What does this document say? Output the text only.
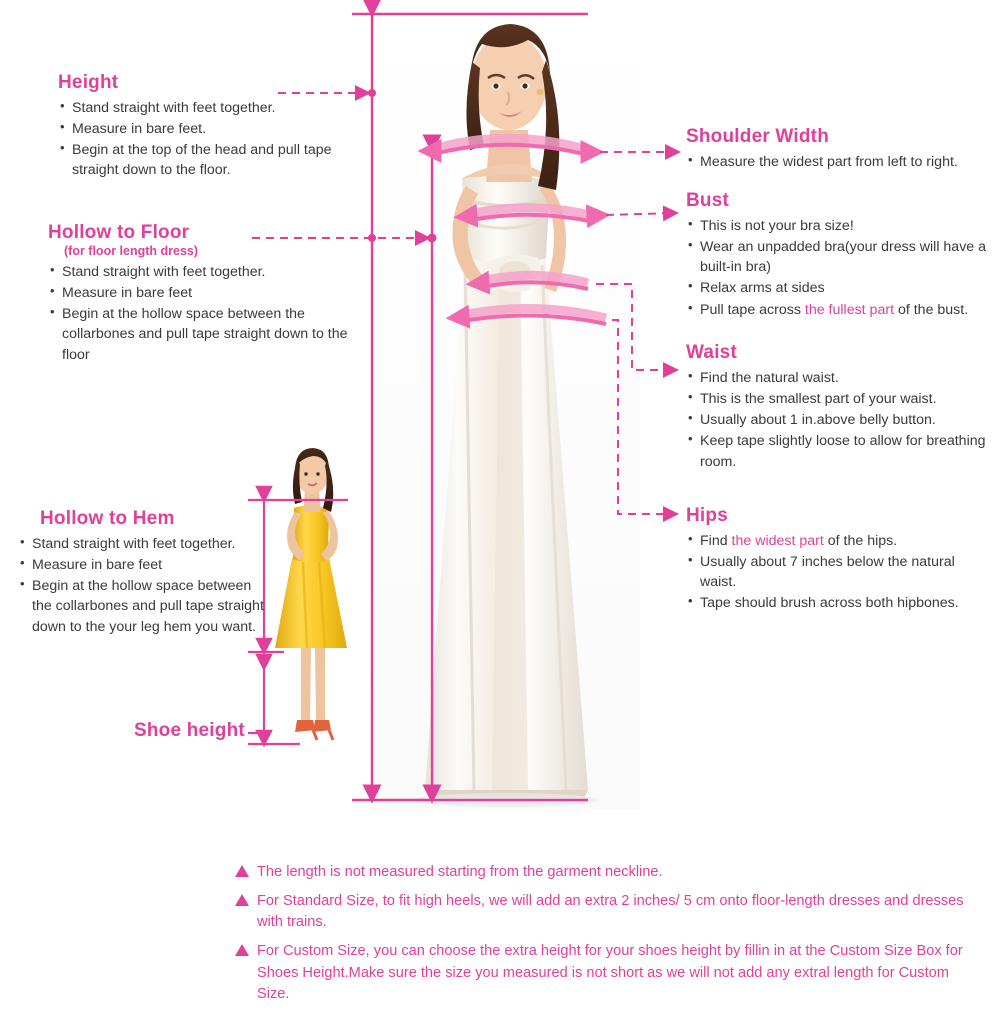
Height
• Stand straight with feet together.
• Measure in bare feet.
• Begin at the top of the head and pull tape straight down to the floor.
Hollow to Floor
(for floor length dress)
• Stand straight with feet together.
• Measure in bare feet
• Begin at the hollow space between the collarbones and pull tape straight down to the floor
Hollow to Hem
• Stand straight with feet together.
• Measure in bare feet
• Begin at the hollow space between the collarbones and pull tape straight down to the your leg hem you want.
Shoe height
Shoulder Width
• Measure the widest part from left to right.
Bust
• This is not your bra size!
• Wear an unpadded bra(your dress will have a built-in bra)
• Relax arms at sides
• Pull tape across the fullest part of the bust.
Waist
• Find the natural waist.
• This is the smallest part of your waist.
• Usually about 1 in.above belly button.
• Keep tape slightly loose to allow for breathing room.
Hips
• Find the widest part of the hips.
• Usually about 7 inches below the natural waist.
• Tape should brush across both hipbones.
The length is not measured starting from the garment neckline.
For Standard Size, to fit high heels, we will add an extra 2 inches/ 5 cm onto floor-length dresses and dresses with trains.
For Custom Size, you can choose the extra height for your shoes height by fillin in at the Custom Size Box for Shoes Height.Make sure the size you measured is not short as we will not add any extral length for Custom Size.
